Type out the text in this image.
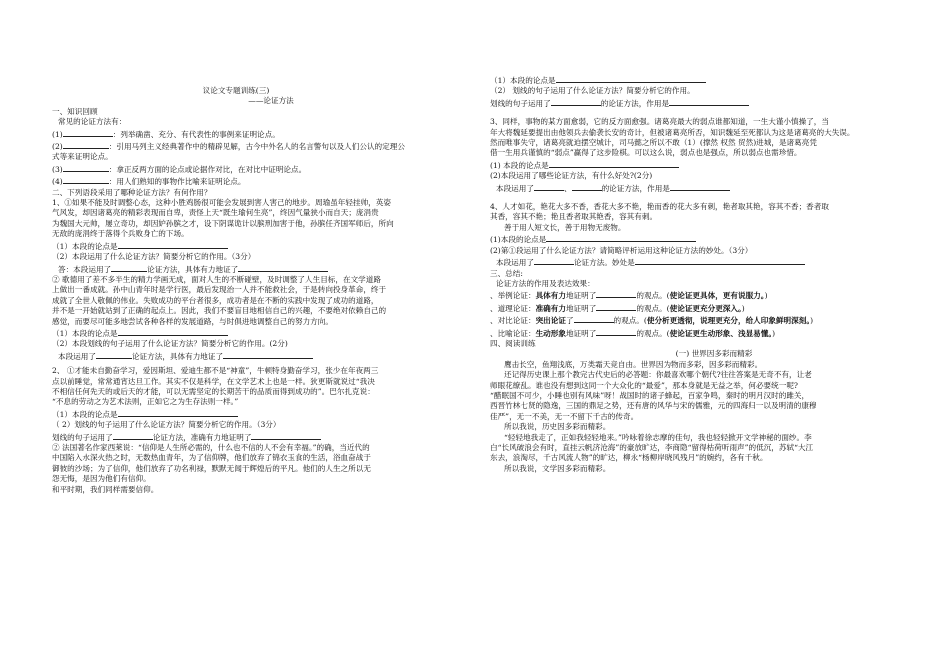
议论文专题训练(三)

——论证方法

一、知识回顾

常见的论证方法有：

(1)	：列举确凿、充分、有代表性的事例来证明论点。

(2)	：引用马列主义经典著作中的精辟见解，古今中外名人的名言警句以及人们公认的定理公

式等来证明论点。

(3)	：拿正反两方面的论点或论据作对比，在对比中证明论点。

(4)	：用人们熟知的事物作比喻来证明论点。

二、下列语段采用了哪种论证方法？有何作用？

1、①如果不能及时调整心态，这种小胜鸡肠很可能会发展到害人害己的地步。周瑜虽年轻挂帅，英姿

气风发，却因诸葛亮的精彩表现而自卑，责怪上天“既生瑜何生亮”，终因气量狭小而自天；庞涓贵

为魏国大元帅，屡立奇功，却因妒孙膑之才，设下阴谋诡计以膑刑加害于他，孙膑任齐国军师后，所向

无敌的庞涓终于落得个兵败身亡的下场。

（1）本段的论点是

（2）本段运用了什么论证方法？简要分析它的作用。（3分）

答：本段运用了	论证方法，具体有力地证了

② 歌德用了差不多半生的精力学画无成，面对人生的不断碰壁，及时调整了人生目标，在文学道路

上做出一番成就。孙中山青年时是学行医，最后发现治一人并不能救社会，于是转向投身革命，终于

成就了全世人敬佩的伟业。失败成功的平台者很多，成功者是在不断的实践中发现了成功的道路，

并不是一开始就站到了正确的起点上。因此，我们不要盲目地相信自己的兴趣，不要绝对依赖自己的

感觉，而要尽可能多地尝试各种各样的发展道路，与时俱进地调整自己的努力方向。

（1）本段的论点是

（2）本段划线的句子运用了什么论证方法？简要分析它的作用。(2分)

本段运用了	论证方法，具体有力地证了

2、 ①才能未自勤奋学习，爱因斯坦、爱迪生都不是“神童”，牛顿特身勤奋学习，张少在年夜两三

点以前睡觉，常常通宵达旦工作。其实不仅是科学，在文学艺术上也是一样。狄更斯就说过“我决

不相信任何先天的或后天的才能，可以无需坚定的长期苦干的品质而得到成功的”。巴尔扎克说：

“不息的劳动之为艺术法则，正如它之为生存法则一样。”

（1）本段的论点是

（ 2）划线的句子运用了什么论证方法？简要分析它的作用。（3分）

划线的句子运用了	论证方法，准确有力地证明了

② 法国著名作家西莱说：“信仰是人生所必需的，什么也不信的人不会有幸福。”的确，当近代的

中国陷入水深火热之时，无数热血青年，为了信仰牌，他们放弃了锦衣玉食的生活，浴血奋战于

御彼的沙场；为了信仰，他们放弃了功名利禄，默默无闻于辉煌后的平凡。他们的人生之所以无

怨无悔，是因为他们有信仰。

和平时期，我们同样需要信仰。

（1）本段的论点是

（2） 划线的句子运用了什么论证方法？简要分析它的作用。

划线的句子运用了	的论证方法，作用是

3、同样，事物的某方面愈弱，它的反方面愈强。诸葛亮最大的弱点谁都知道，一生大谨小慎操了，当

年大将魏延要提出由他领兵去偷袭长安的奇计，但被诸葛亮所否，知识魏延至死都认为这是诸葛亮的大失误。

然而唯事失守，诸葛亮就迫摆空城计，司马懿之所以不敢（1）(撑然 权然 贸然)进城，是诸葛亮凭

借一生用兵谨慎的“弱点”赢得了这步险棋。可以这么说，弱点也是强点，所以弱点也需珍惜。

(1) 本段的论点是

(2)本段运用了哪些论证方法，有什么好处?(2分)

本段运用了	、	的论证方法，作用是

4、人才如花，艳花大多不香，香花大多不艳，艳而香的花大多有刺，艳者取其艳，容其不香；香者取

其香，容其不艳；艳且香者取其艳香，容其有刺。

善于用人短文长，善于用物无废物。

(1)本段的论点是

(2)第①段运用了什么论证方法？请简略评析运用这种论证方法的妙处。（3分）

本段运用了	论证方法。妙处是

三、总结:

论证方法的作用及表达效果：

、举例论证：具体有力地证明了	的观点。(使论证更具体，更有说服力。)

、道理论证：准确有力地证明了	的观点。(使论证更充分更深入。)

、对比论证：突出论证了	的观点。(使分析更透彻，说理更充分，给人印象鲜明深刻。)

、比喻论证：生动形象地证明了	的观点。(使论证更生动形象、浅显易懂。)

四、阅读训练

(一) 世界因多彩而精彩

鹰击长空，鱼翔浅底，万类霜天竞自由。世界因为物而多彩，因多彩而精彩。

还记得历史课上那个教完古代史后的必答题：你最喜欢哪个朝代?往往答案是无奇不有，让老

师眼花缭乱。谁也没有想到这同一个大众化的“最爱”，那本身就是无益之举，何必要统一呢?

“醋眠国不可少，小睡也别有风味”呀！战国时的诸子蜂起，百家争鸣，秦时的明月汉时的雎关，

西晋竹林七贤的隐逸，三国的鼎足之势，还有唐的风华与宋的儒雅，元的四海归一以及明清的康穆

佳严”，无一不美，无一不留下千古的传奇。

所以我说，历史因多彩而精彩。

“轻轻地我走了，正如我轻轻地来。”吟咏着徐志摩的佳句，我也轻轻掀开文学神秘的面纱。李

白“长风破浪会有时，直挂云帆济沧海”的豪放旷达，李商隐“留得枯荷听雨声”的低沉，苏轼“大江

东去，浪淘尽，千古风流人物”的旷达，柳永“杨柳岸晓风残月”的婉约，各有千秋。

所以我说，文学因多彩而精彩。
